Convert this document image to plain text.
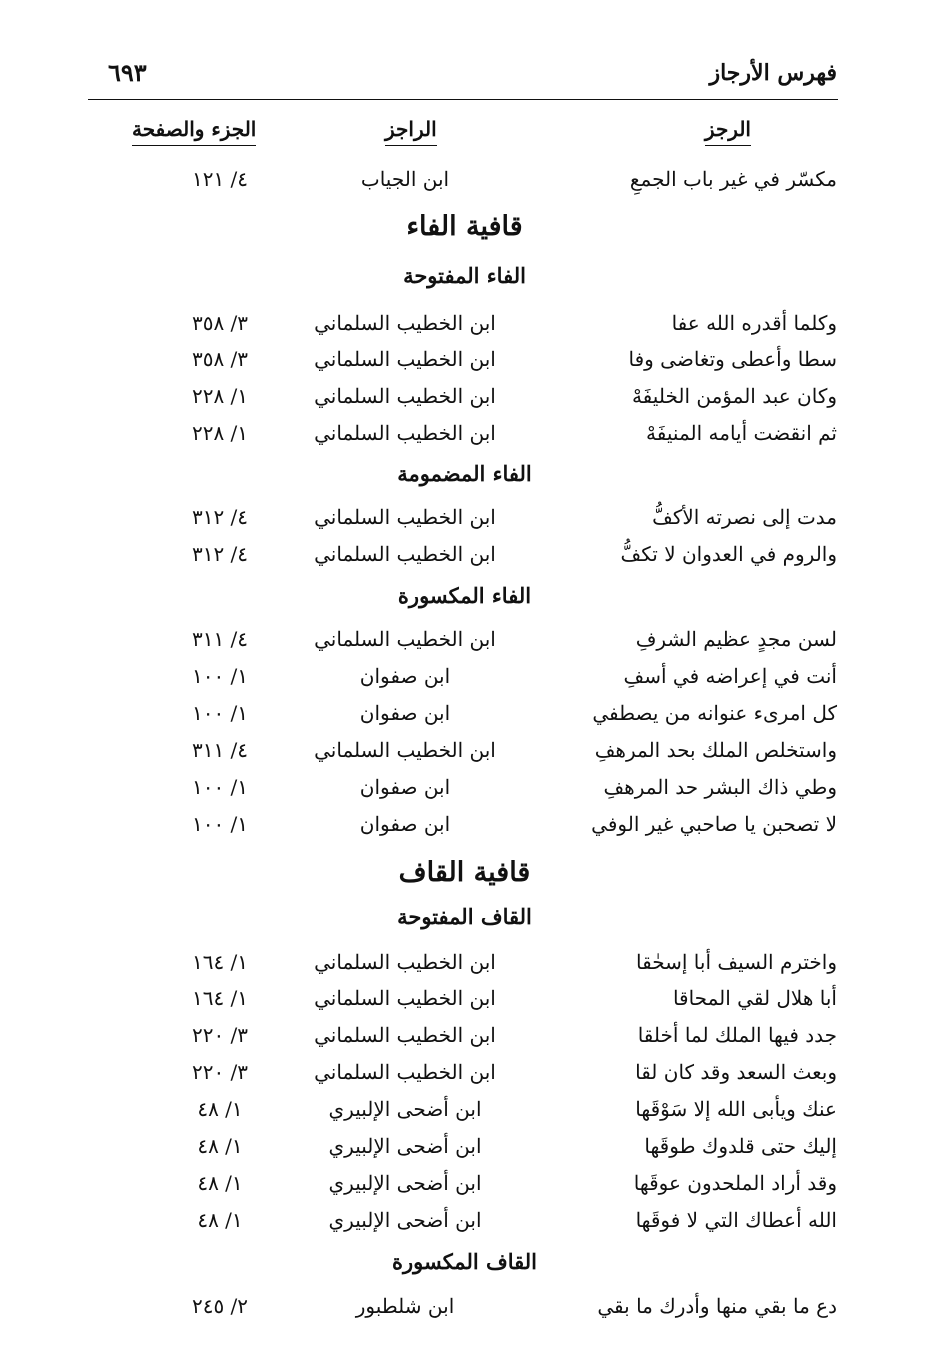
فهرس الأرجاز
٦٩٣
الرجز
الراجز
الجزء والصفحة
مكسّر في غير باب الجمعِ
ابن الجياب
٤/ ١٢١
قافية الفاء
الفاء المفتوحة
وكلما أقدره الله عفا
ابن الخطيب السلماني
٣/ ٣٥٨
سطا وأعطى وتغاضى وفا
ابن الخطيب السلماني
٣/ ٣٥٨
وكان عبد المؤمن الخليفَهْ
ابن الخطيب السلماني
١/ ٢٢٨
ثم انقضت أيامه المنيفَهْ
ابن الخطيب السلماني
١/ ٢٢٨
الفاء المضمومة
مدت إلى نصرته الأكفُّ
ابن الخطيب السلماني
٤/ ٣١٢
والروم في العدوان لا تكفُّ
ابن الخطيب السلماني
٤/ ٣١٢
الفاء المكسورة
لسن مجدٍ عظيم الشرفِ
ابن الخطيب السلماني
٤/ ٣١١
أنت في إعراضه في أسفِ
ابن صفوان
١/ ١٠٠
كل امرىء عنوانه من يصطفي
ابن صفوان
١/ ١٠٠
واستخلص الملك بحد المرهفِ
ابن الخطيب السلماني
٤/ ٣١١
وطي ذاك البشر حد المرهفِ
ابن صفوان
١/ ١٠٠
لا تصحبن يا صاحبي غير الوفي
ابن صفوان
١/ ١٠٠
قافية القاف
القاف المفتوحة
واخترم السيف أبا إسحٰقا
ابن الخطيب السلماني
١/ ١٦٤
أبا هلال لقي المحاقا
ابن الخطيب السلماني
١/ ١٦٤
جدد فيها الملك لما أخلقا
ابن الخطيب السلماني
٣/ ٢٢٠
وبعث السعد وقد كان لقا
ابن الخطيب السلماني
٣/ ٢٢٠
عنك ويأبى الله إلا سَوْقَها
ابن أضحى الإلبيري
١/ ٤٨
إليك حتى قلدوك طوقَها
ابن أضحى الإلبيري
١/ ٤٨
وقد أراد الملحدون عوقَها
ابن أضحى الإلبيري
١/ ٤٨
الله أعطاك التي لا فوقَها
ابن أضحى الإلبيري
١/ ٤٨
القاف المكسورة
دع ما بقي منها وأدرك ما بقي
ابن شلطبور
٢/ ٢٤٥
